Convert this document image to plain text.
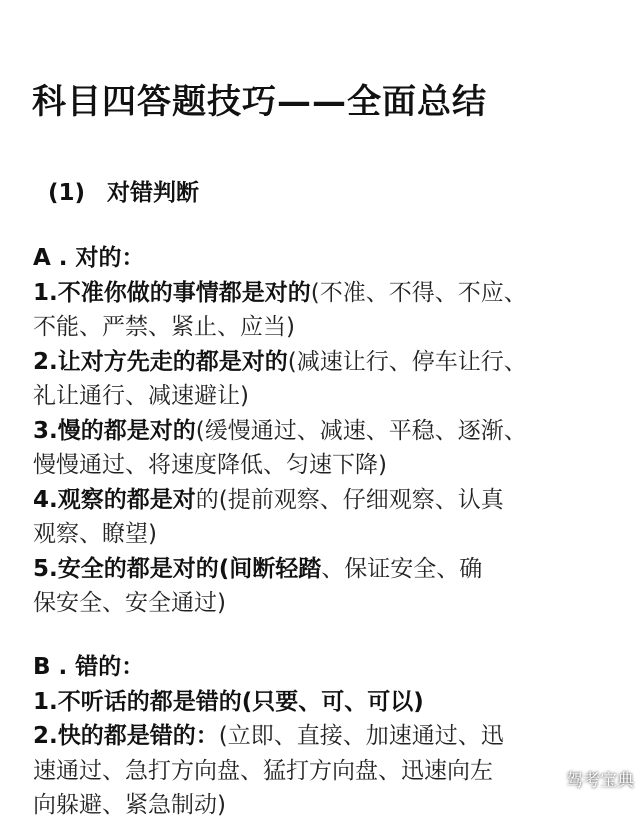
科目四答题技巧——全面总结
(1) 对错判断
A . 对的：
1.不准你做的事情都是对的(不准、不得、不应、
不能、严禁、紧止、应当)
2.让对方先走的都是对的(减速让行、停车让行、
礼让通行、减速避让)
3.慢的都是对的(缓慢通过、减速、平稳、逐渐、
慢慢通过、将速度降低、匀速下降)
4.观察的都是对的(提前观察、仔细观察、认真
观察、瞭望)
5.安全的都是对的(间断轻踏、保证安全、确
保安全、安全通过)
B . 错的：
1.不听话的都是错的(只要、可、可以)
2.快的都是错的：(立即、直接、加速通过、迅
速通过、急打方向盘、猛打方向盘、迅速向左
向躲避、紧急制动)
驾考宝典
